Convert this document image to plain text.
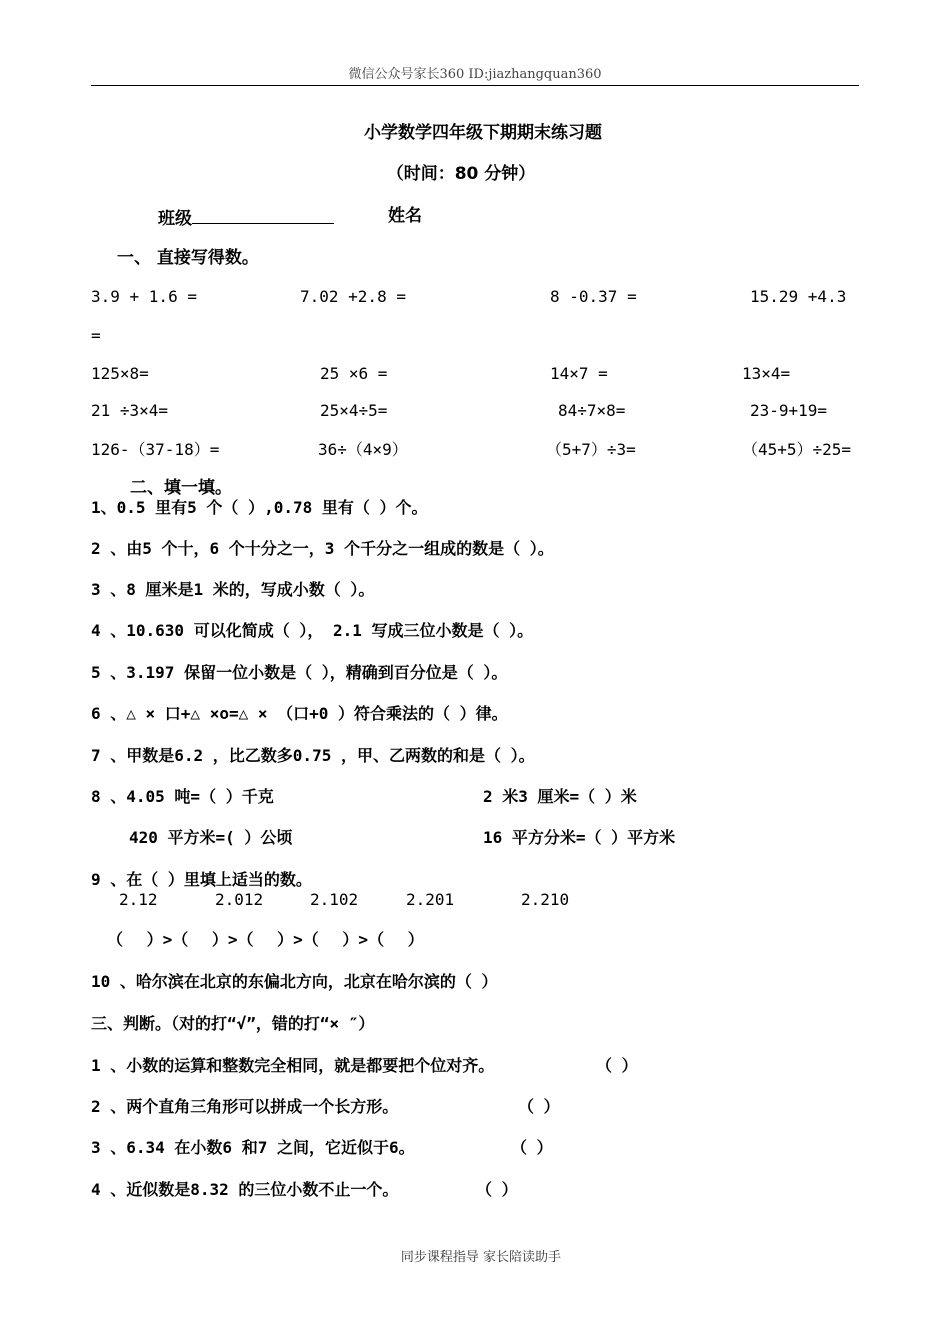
微信公众号家长360 ID:jiazhangquan360
小学数学四年级下期期末练习题
（时间：80 分钟）
班级	姓名
一、 直接写得数。
3.9 + 1.6 =	7.02 +2.8 =	8 -0.37 =	15.29 +4.3
=
125×8=	25 ×6 =	14×7 =	13×4=
21 ÷3×4=	25×4÷5=	84÷7×8=	23-9+19=
126-（37-18）=	36÷（4×9）	（5+7）÷3=	（45+5）÷25=
二、填一填。
1、0.5 里有5 个（ ）,0.78 里有（ ）个。
2 、由5 个十，6 个十分之一，3 个千分之一组成的数是（ ）。
3 、8 厘米是1 米的，写成小数（ ）。
4 、10.630 可以化简成（ ）， 2.1 写成三位小数是（ ）。
5 、3.197 保留一位小数是（ ），精确到百分位是（ ）。
6 、△ × 口+△ ×o=△ × （口+0 ）符合乘法的（ ）律。
7 、甲数是6.2 ，比乙数多0.75 ，甲、乙两数的和是（ ）。
8 、4.05 吨=（ ）千克	2 米3 厘米=（ ）米
420 平方米=( ）公顷	16 平方分米=（ ）平方米
9 、在（ ）里填上适当的数。
2.12	2.012	2.102	2.201	2.210
（ ）>（ ）>（ ）>（ ）>（ ）
10 、哈尔滨在北京的东偏北方向，北京在哈尔滨的（ ）
三、判断。（对的打“√”，错的打“× ″）
1 、小数的运算和整数完全相同，就是都要把个位对齐。	（ ）
2 、两个直角三角形可以拼成一个长方形。	（ ）
3 、6.34 在小数6 和7 之间，它近似于6。	（ ）
4 、近似数是8.32 的三位小数不止一个。	（ ）
同步课程指导 家长陪读助手
